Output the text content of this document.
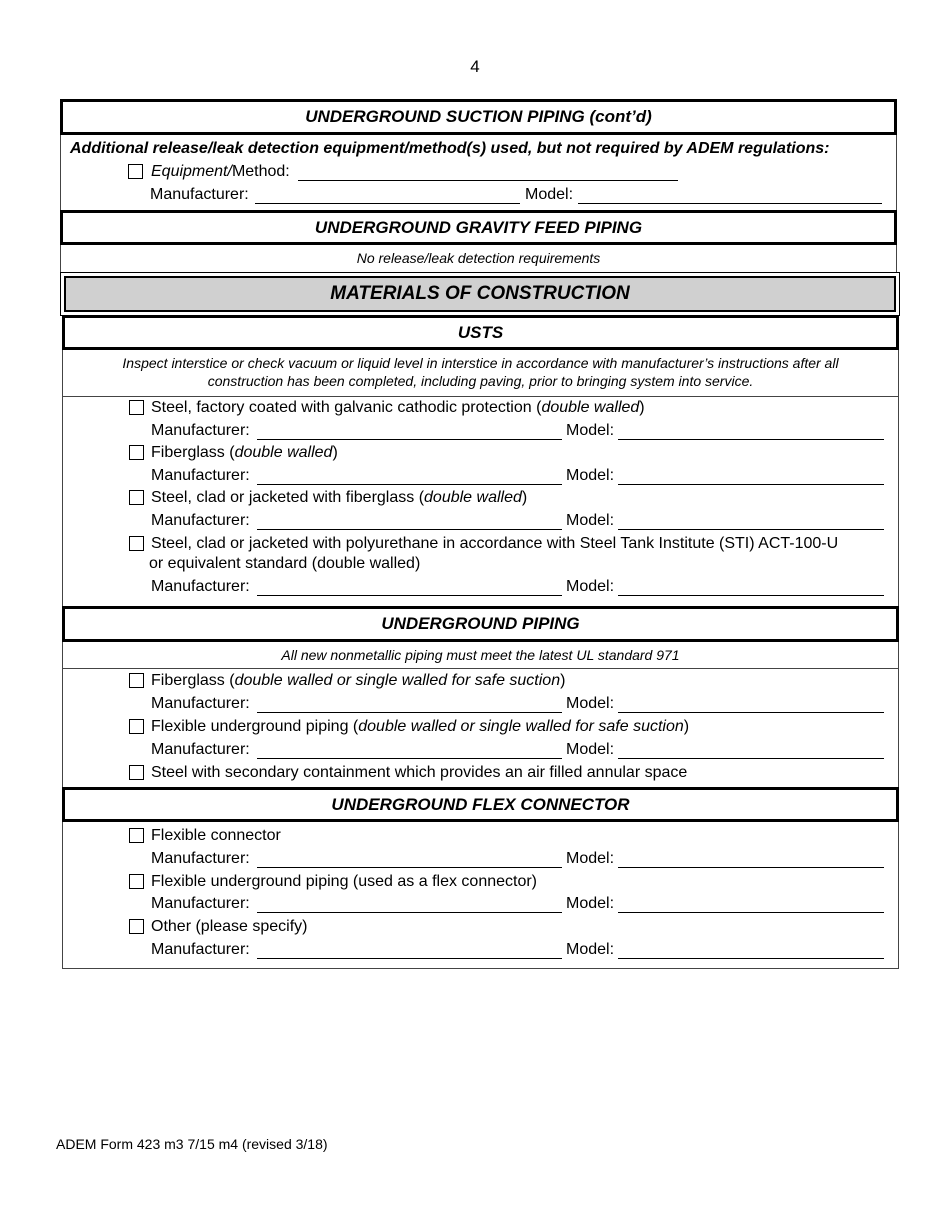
4
UNDERGROUND SUCTION PIPING (cont’d)
Additional release/leak detection equipment/method(s) used, but not required by ADEM regulations:
Equipment/Method:
Manufacturer:	Model:
UNDERGROUND GRAVITY FEED PIPING
No release/leak detection requirements
MATERIALS OF CONSTRUCTION
USTS
Inspect interstice or check vacuum or liquid level in interstice in accordance with manufacturer’s instructions after all
construction has been completed, including paving, prior to bringing system into service.
Steel, factory coated with galvanic cathodic protection (double walled)
Manufacturer:	Model:
Fiberglass (double walled)
Manufacturer:	Model:
Steel, clad or jacketed with fiberglass (double walled)
Manufacturer:	Model:
Steel, clad or jacketed with polyurethane in accordance with Steel Tank Institute (STI) ACT-100-U
or equivalent standard (double walled)
Manufacturer:	Model:
UNDERGROUND PIPING
All new nonmetallic piping must meet the latest UL standard 971
Fiberglass (double walled or single walled for safe suction)
Manufacturer:	Model:
Flexible underground piping (double walled or single walled for safe suction)
Manufacturer:	Model:
Steel with secondary containment which provides an air filled annular space
UNDERGROUND FLEX CONNECTOR
Flexible connector
Manufacturer:	Model:
Flexible underground piping (used as a flex connector)
Manufacturer:	Model:
Other (please specify)
Manufacturer:	Model:
ADEM Form 423 m3 7/15 m4 (revised 3/18)
